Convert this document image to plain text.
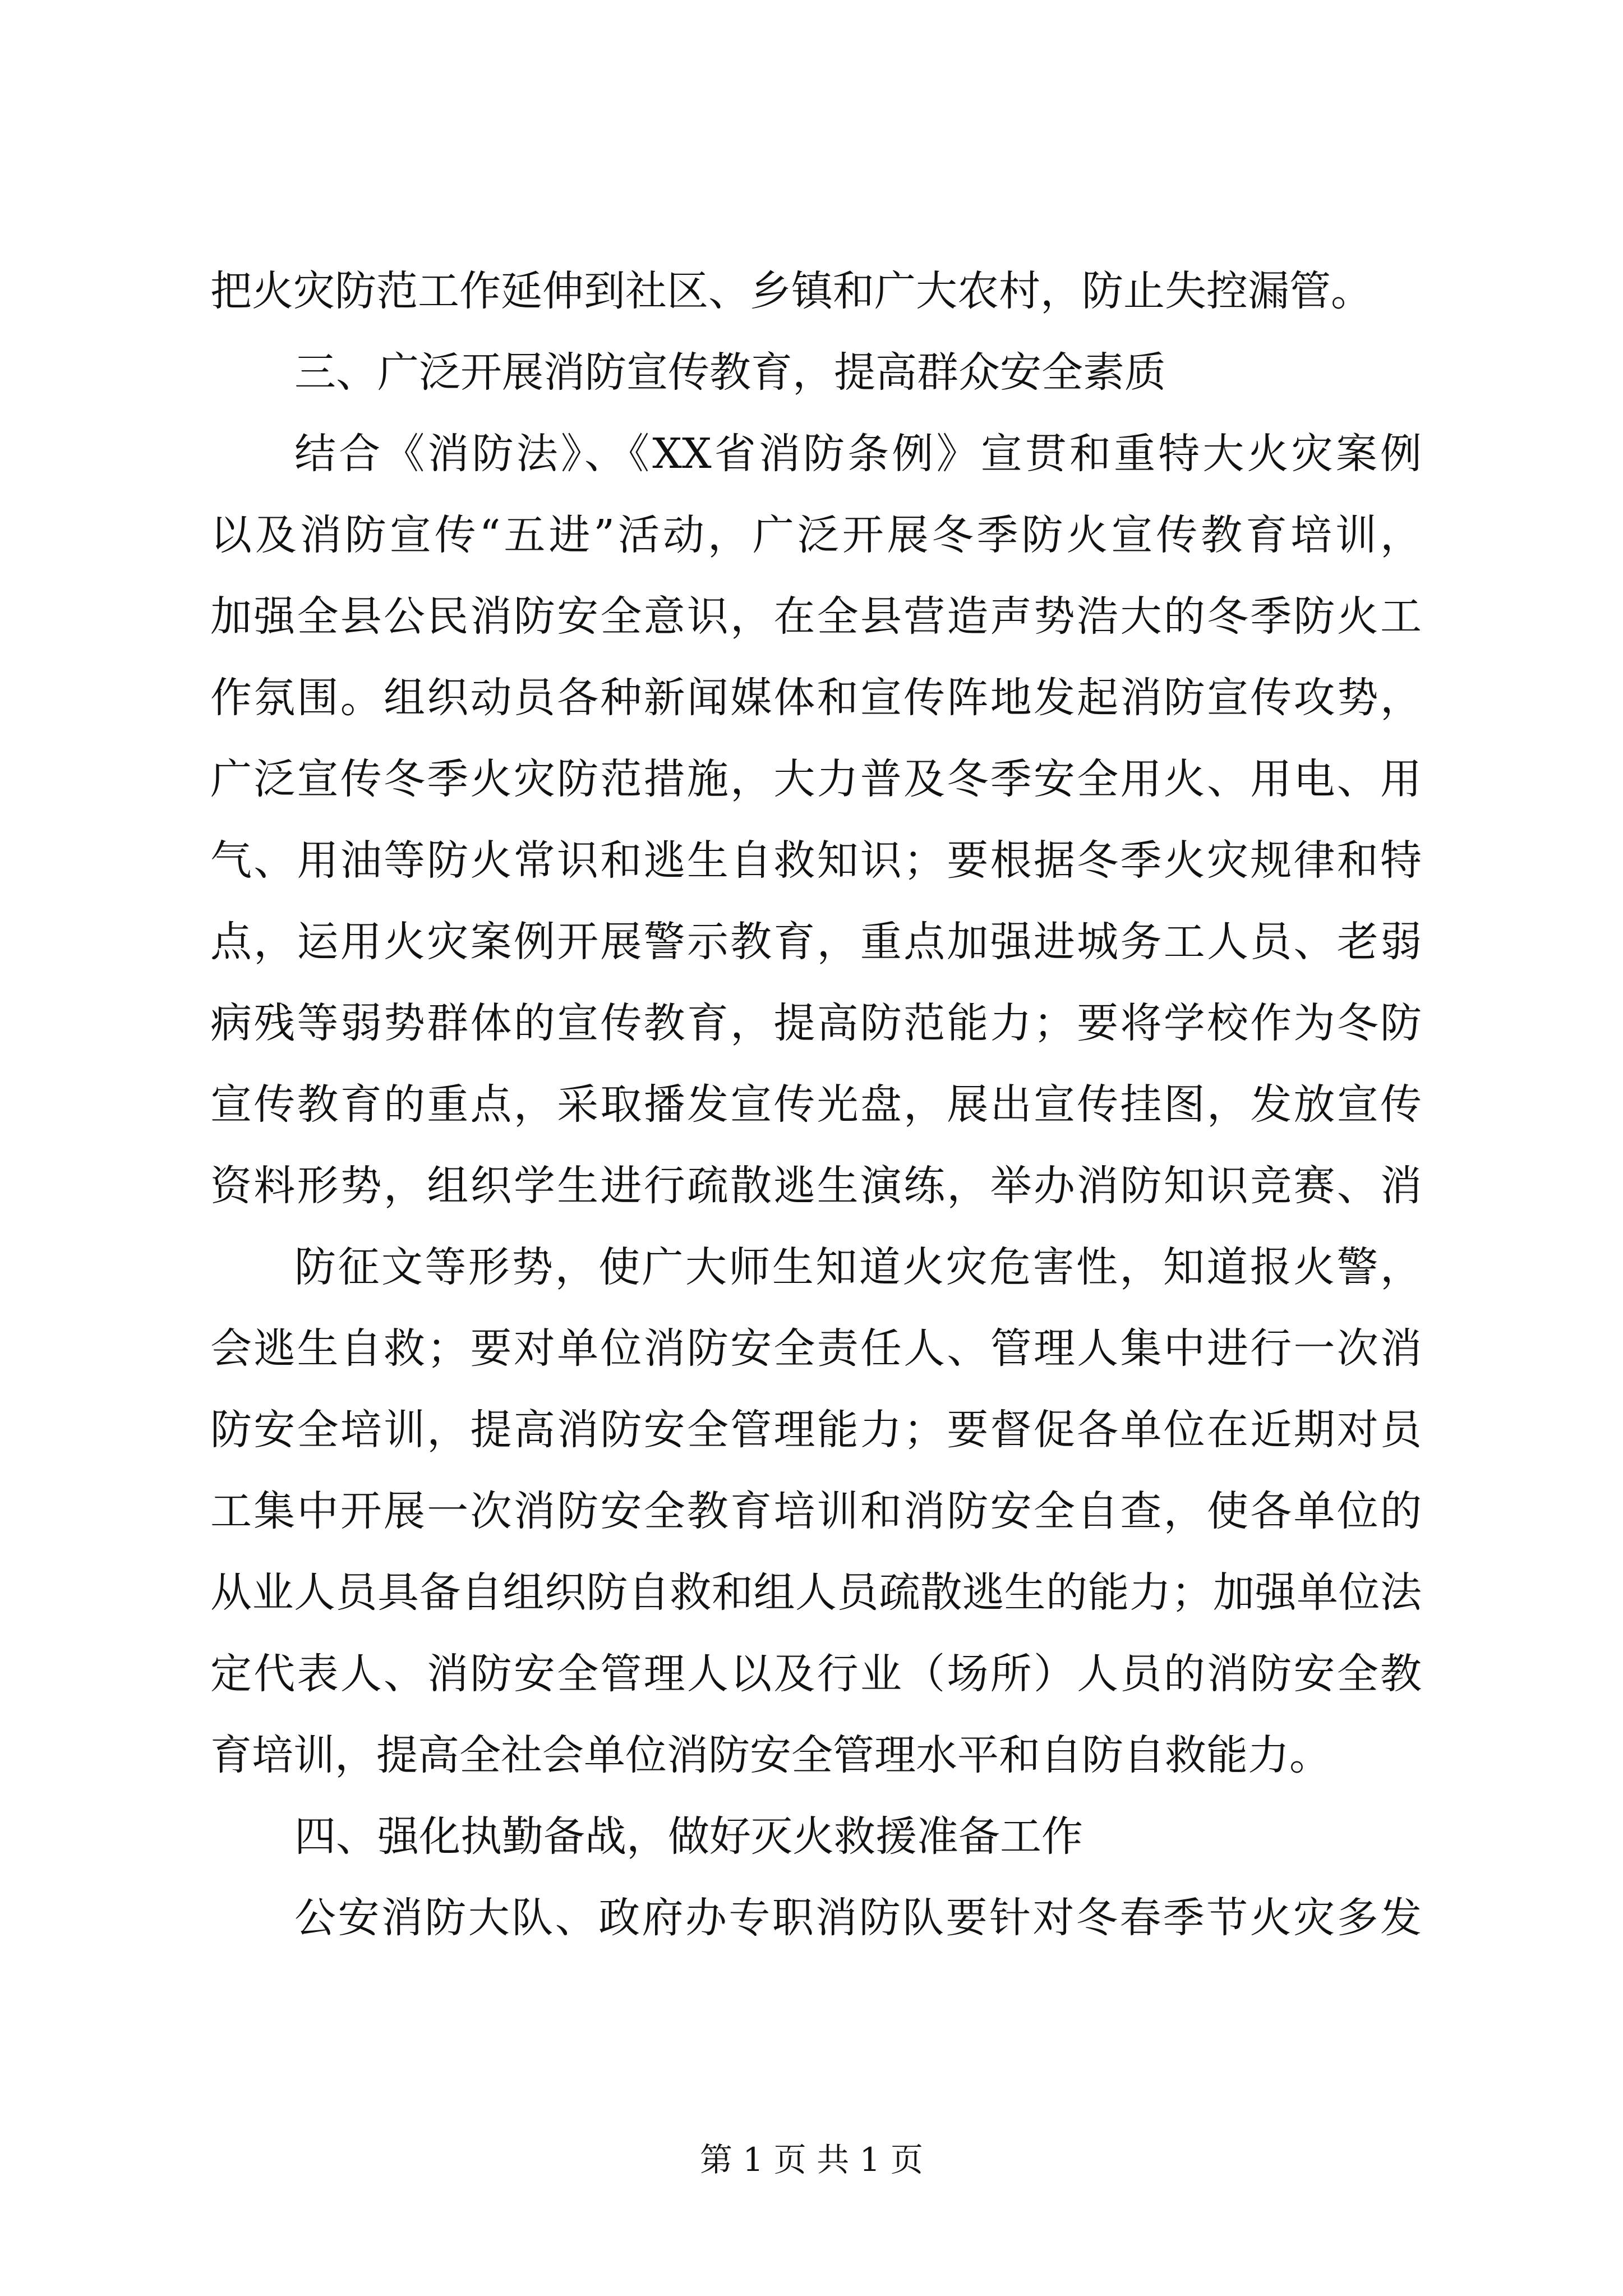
把火灾防范工作延伸到社区、乡镇和广大农村，防止失控漏管。
三、广泛开展消防宣传教育，提高群众安全素质
结合《消防法》、《XX省消防条例》宣贯和重特大火灾案例
以及消防宣传“五进”活动，广泛开展冬季防火宣传教育培训，
加强全县公民消防安全意识，在全县营造声势浩大的冬季防火工
作氛围。组织动员各种新闻媒体和宣传阵地发起消防宣传攻势，
广泛宣传冬季火灾防范措施，大力普及冬季安全用火、用电、用
气、用油等防火常识和逃生自救知识；要根据冬季火灾规律和特
点，运用火灾案例开展警示教育，重点加强进城务工人员、老弱
病残等弱势群体的宣传教育，提高防范能力；要将学校作为冬防
宣传教育的重点，采取播发宣传光盘，展出宣传挂图，发放宣传
资料形势，组织学生进行疏散逃生演练，举办消防知识竞赛、消
防征文等形势，使广大师生知道火灾危害性，知道报火警，
会逃生自救；要对单位消防安全责任人、管理人集中进行一次消
防安全培训，提高消防安全管理能力；要督促各单位在近期对员
工集中开展一次消防安全教育培训和消防安全自查，使各单位的
从业人员具备自组织防自救和组人员疏散逃生的能力；加强单位法
定代表人、消防安全管理人以及行业（场所）人员的消防安全教
育培训，提高全社会单位消防安全管理水平和自防自救能力。
四、强化执勤备战，做好灭火救援准备工作
公安消防大队、政府办专职消防队要针对冬春季节火灾多发
第 1 页 共 1 页
